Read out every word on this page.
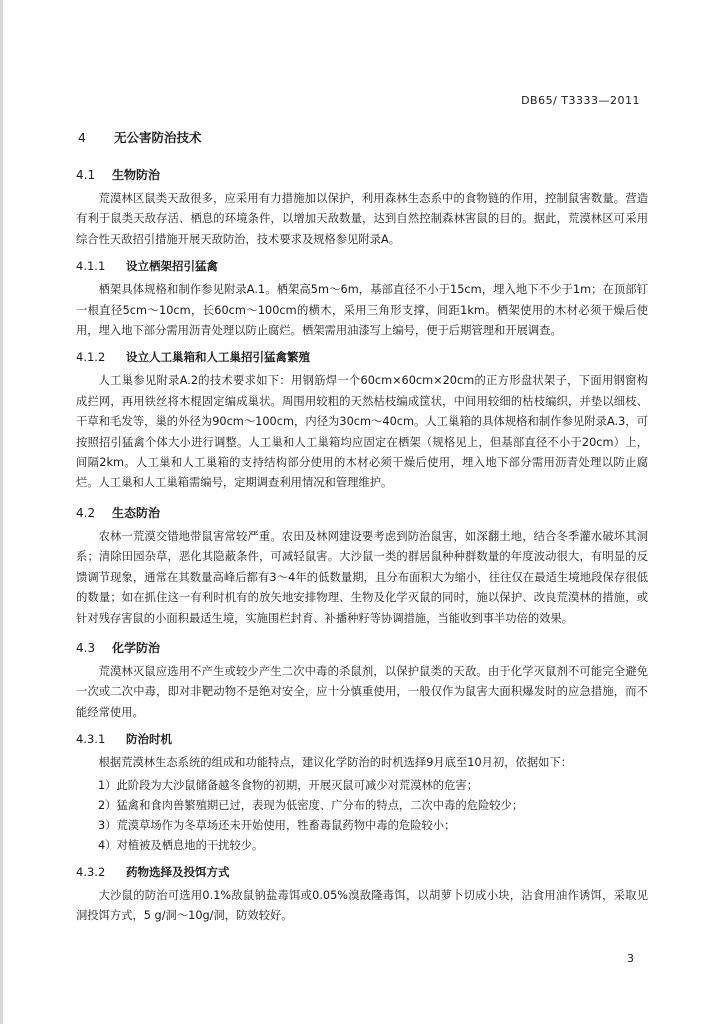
DB65/ T3333—2011
4 无公害防治技术
4.1 生物防治

荒漠林区鼠类天敌很多，应采用有力措施加以保护，利用森林生态系中的食物链的作用，控制鼠害数量。营造有利于鼠类天敌存活、栖息的环境条件，以增加天敌数量，达到自然控制森林害鼠的目的。据此，荒漠林区可采用综合性天敌招引措施开展天敌防治，技术要求及规格参见附录A。

4.1.1 设立栖架招引猛禽

栖架具体规格和制作参见附录A.1。栖架高5m～6m，基部直径不小于15cm，埋入地下不少于1m；在顶部钉一根直径5cm～10cm，长60cm～100cm的横木，采用三角形支撑，间距1km。栖架使用的木材必须干燥后使用，埋入地下部分需用沥青处理以防止腐烂。栖架需用油漆写上编号，便于后期管理和开展调查。

4.1.2 设立人工巢箱和人工巢招引猛禽繁殖

人工巢参见附录A.2的技术要求如下：用钢筋焊一个60cm×60cm×20cm的正方形盘状架子，下面用钢窗构成拦网，再用铁丝将木棍固定编成巢状。周围用较粗的天然枯枝编成筐状，中间用较细的枯枝编织，并垫以细枝、干草和毛发等，巢的外径为90cm～100cm，内径为30cm～40cm。人工巢箱的具体规格和制作参见附录A.3，可按照招引猛禽个体大小进行调整。人工巢和人工巢箱均应固定在栖架（规格见上，但基部直径不小于20cm）上，间隔2km。人工巢和人工巢箱的支持结构部分使用的木材必须干燥后使用，埋入地下部分需用沥青处理以防止腐烂。人工巢和人工巢箱需编号，定期调查利用情况和管理维护。

4.2 生态防治

农林一荒漠交错地带鼠害常较严重。农田及林网建设要考虑到防治鼠害，如深翻土地，结合冬季灌水破坏其洞系；清除田园杂草，恶化其隐蔽条件，可减轻鼠害。大沙鼠一类的群居鼠种种群数量的年度波动很大，有明显的反馈调节现象，通常在其数量高峰后都有3～4年的低数量期，且分布面积大为缩小，往往仅在最适生境地段保存很低的数量；如在抓住这一有利时机有的放矢地安排物理、生物及化学灭鼠的同时，施以保护、改良荒漠林的措施，或针对残存害鼠的小面积最适生境，实施围栏封育、补播种籽等协调措施，当能收到事半功倍的效果。

4.3 化学防治

荒漠林灭鼠应选用不产生或较少产生二次中毒的杀鼠剂，以保护鼠类的天敌。由于化学灭鼠剂不可能完全避免一次或二次中毒，即对非靶动物不是绝对安全，应十分慎重使用，一般仅作为鼠害大面积爆发时的应急措施，而不能经常使用。

4.3.1 防治时机

根据荒漠林生态系统的组成和功能特点，建议化学防治的时机选择9月底至10月初，依据如下：

1）此阶段为大沙鼠储备越冬食物的初期，开展灭鼠可减少对荒漠林的危害；
2）猛禽和食肉兽繁殖期已过，表现为低密度、广分布的特点，二次中毒的危险较少；
3）荒漠草场作为冬草场还未开始使用，牲畜毒鼠药物中毒的危险较小；
4）对植被及栖息地的干扰较少。
4.3.2 药物选择及投饵方式

大沙鼠的防治可选用0.1%敌鼠钠盐毒饵或0.05%溴敌隆毒饵，以胡萝卜切成小块，沾食用油作诱饵，采取见洞投饵方式，5 g/洞～10g/洞，防效较好。

3
